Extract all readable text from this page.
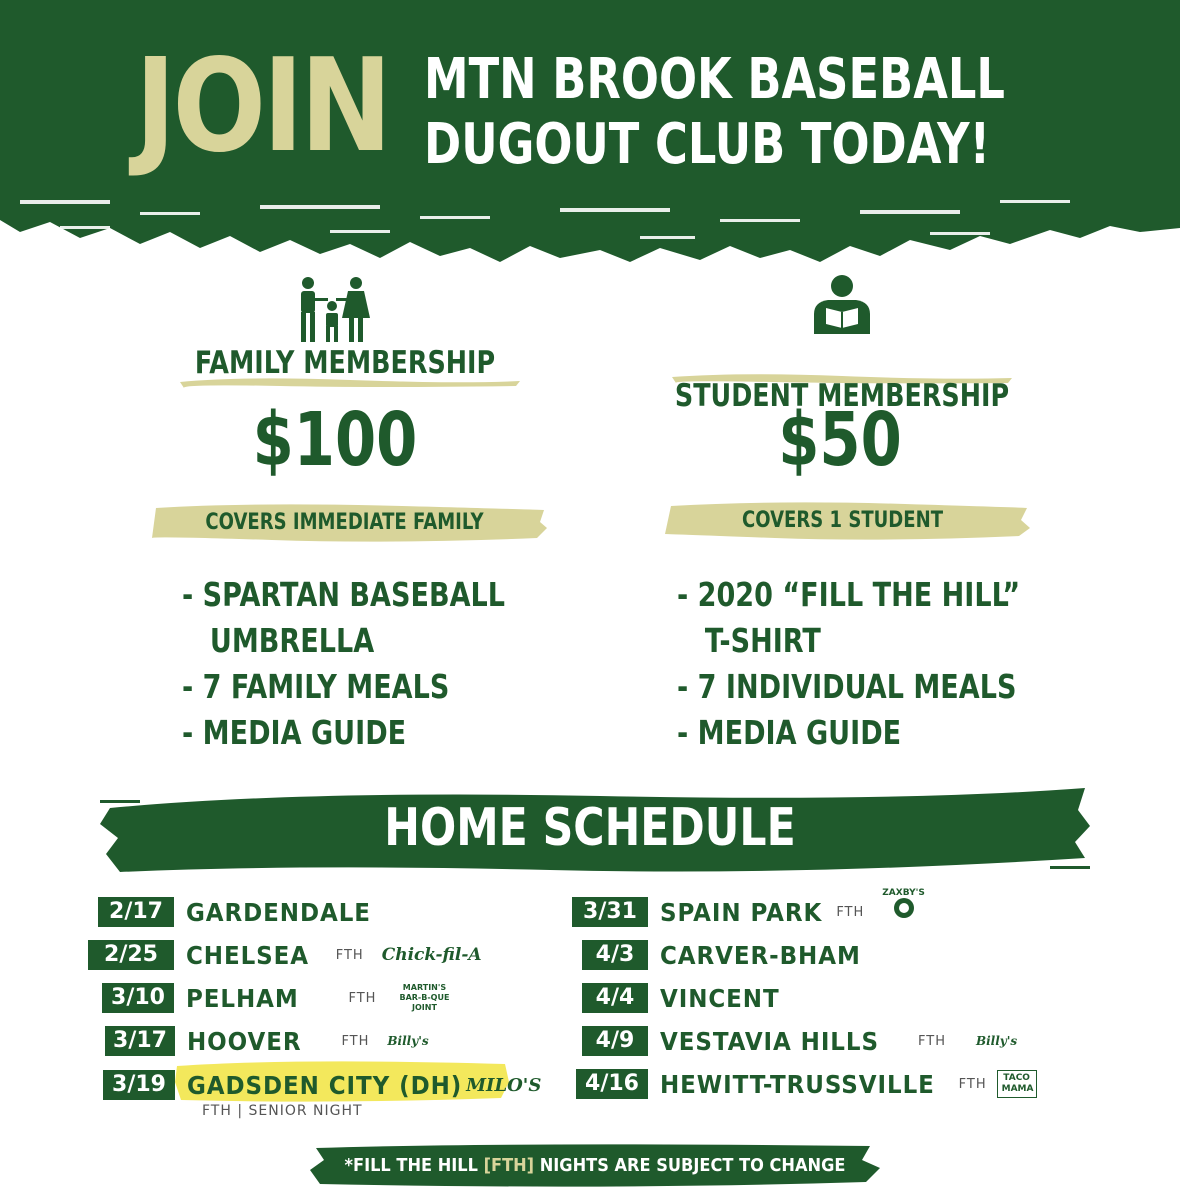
JOIN MTN BROOK BASEBALL
DUGOUT CLUB TODAY!
FAMILY MEMBERSHIP
$100
COVERS IMMEDIATE FAMILY
- SPARTAN BASEBALL
UMBRELLA
- 7 FAMILY MEALS
- MEDIA GUIDE
STUDENT MEMBERSHIP
$50
COVERS 1 STUDENT
- 2020 “FILL THE HILL”
T-SHIRT
- 7 INDIVIDUAL MEALS
- MEDIA GUIDE
HOME SCHEDULE
2/17 GARDENDALE
2/25	CHELSEA FTH Chick-fil-A
3/10 PELHAM	FTH
MARTIN'S BAR-B-QUE JOINT
3/17 HOOVER	FTH Billy's
3/19 GADSDEN CITY (DH) MILO'S
FTH | SENIOR NIGHT
3/31 SPAIN PARK FTH
ZAXBY'S
4/3	CARVER-BHAM
4/4	VINCENT
4/9	VESTAVIA HILLS	FTH	Billy's
4/16 HEWITT-TRUSSVILLE FTH TACO MAMA
*FILL THE HILL [FTH] NIGHTS ARE SUBJECT TO CHANGE
